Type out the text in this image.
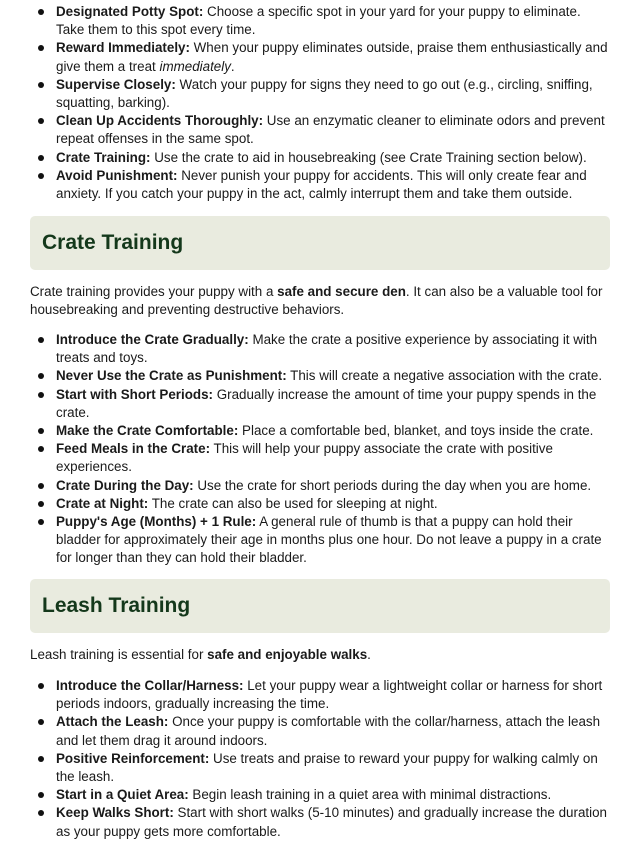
Designated Potty Spot: Choose a specific spot in your yard for your puppy to eliminate. Take them to this spot every time.
Reward Immediately: When your puppy eliminates outside, praise them enthusiastically and give them a treat immediately.
Supervise Closely: Watch your puppy for signs they need to go out (e.g., circling, sniffing, squatting, barking).
Clean Up Accidents Thoroughly: Use an enzymatic cleaner to eliminate odors and prevent repeat offenses in the same spot.
Crate Training: Use the crate to aid in housebreaking (see Crate Training section below).
Avoid Punishment: Never punish your puppy for accidents. This will only create fear and anxiety. If you catch your puppy in the act, calmly interrupt them and take them outside.
Crate Training

Crate training provides your puppy with a safe and secure den. It can also be a valuable tool for housebreaking and preventing destructive behaviors.

Introduce the Crate Gradually: Make the crate a positive experience by associating it with treats and toys.
Never Use the Crate as Punishment: This will create a negative association with the crate.
Start with Short Periods: Gradually increase the amount of time your puppy spends in the crate.
Make the Crate Comfortable: Place a comfortable bed, blanket, and toys inside the crate.
Feed Meals in the Crate: This will help your puppy associate the crate with positive experiences.
Crate During the Day: Use the crate for short periods during the day when you are home.
Crate at Night: The crate can also be used for sleeping at night.
Puppy's Age (Months) + 1 Rule: A general rule of thumb is that a puppy can hold their bladder for approximately their age in months plus one hour. Do not leave a puppy in a crate for longer than they can hold their bladder.
Leash Training

Leash training is essential for safe and enjoyable walks.

Introduce the Collar/Harness: Let your puppy wear a lightweight collar or harness for short periods indoors, gradually increasing the time.
Attach the Leash: Once your puppy is comfortable with the collar/harness, attach the leash and let them drag it around indoors.
Positive Reinforcement: Use treats and praise to reward your puppy for walking calmly on the leash.
Start in a Quiet Area: Begin leash training in a quiet area with minimal distractions.
Keep Walks Short: Start with short walks (5-10 minutes) and gradually increase the duration as your puppy gets more comfortable.
